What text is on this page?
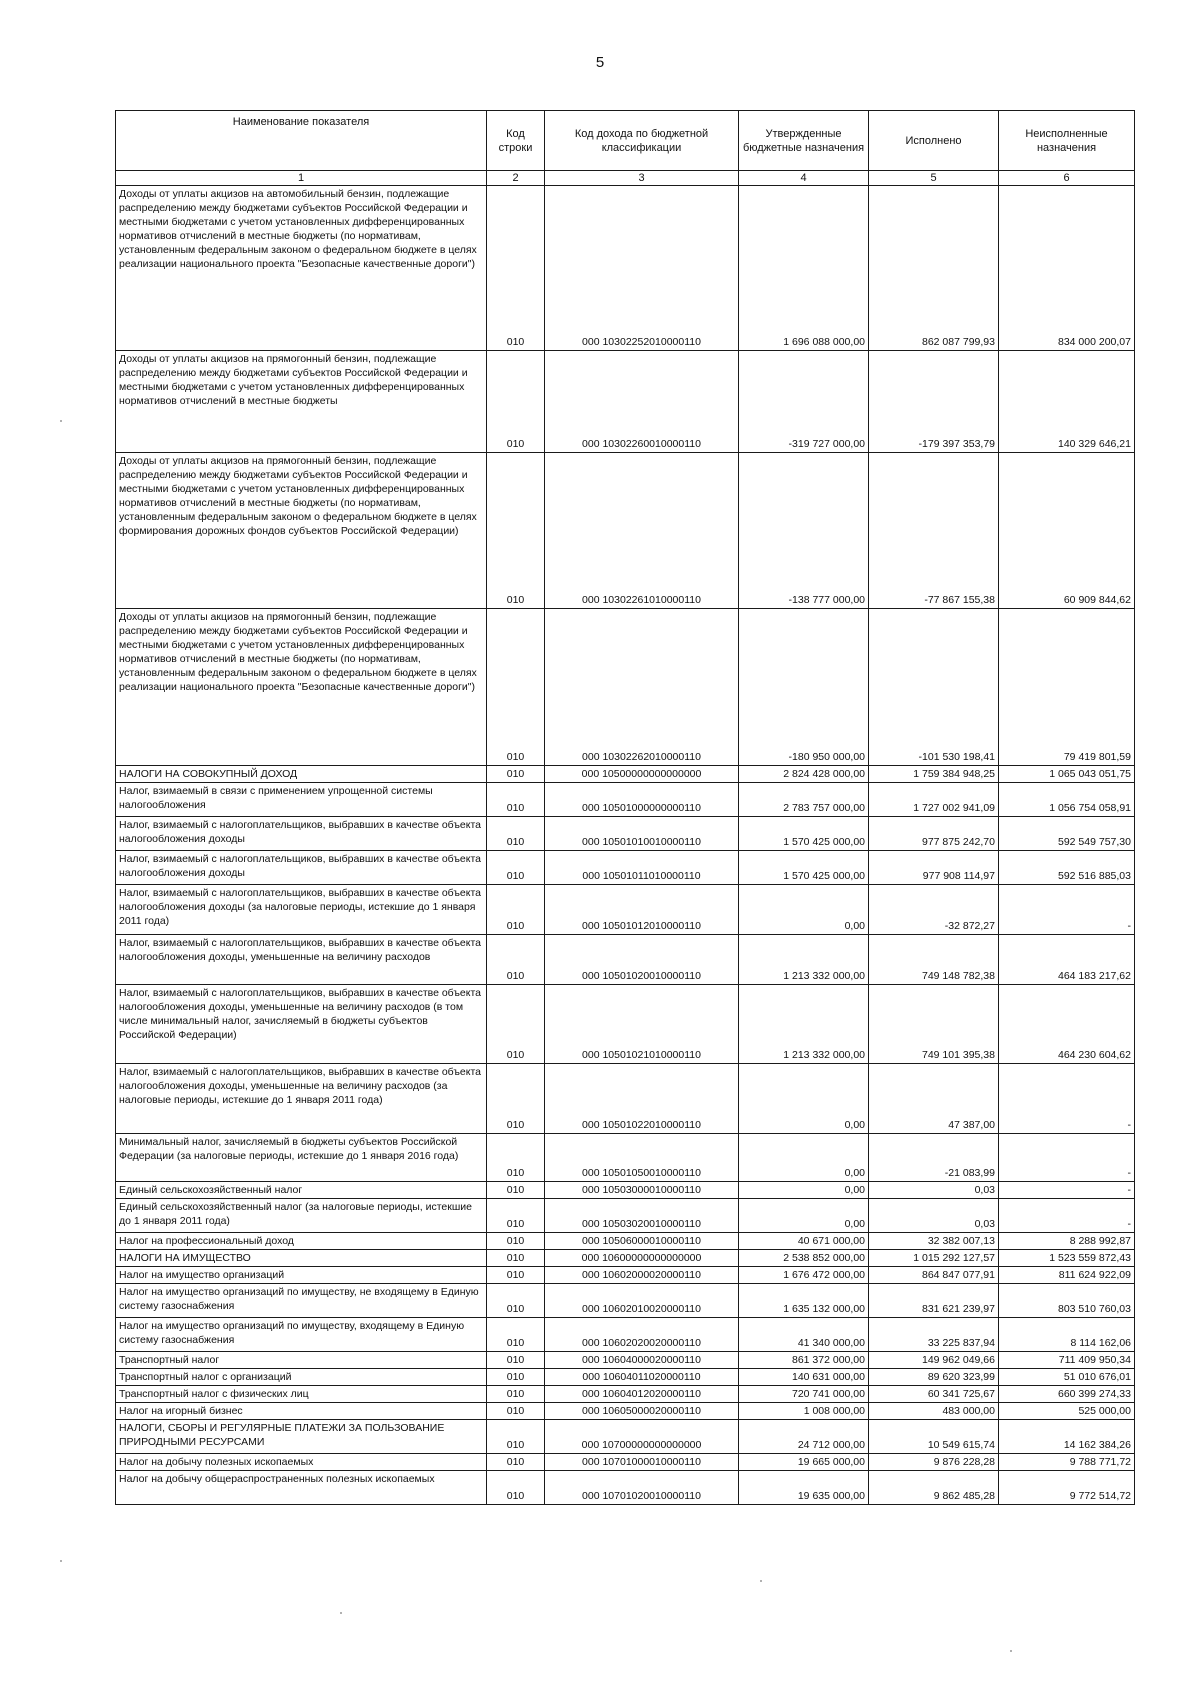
5
Наименование показателя	Код строки	Код дохода по бюджетной классификации	Утвержденные бюджетные назначения	Исполнено	Неисполненные назначения
1	2	3	4	5	6
Доходы от уплаты акцизов на автомобильный бензин, подлежащие распределению между бюджетами субъектов Российской Федерации и местными бюджетами с учетом установленных дифференцированных нормативов отчислений в местные бюджеты (по нормативам, установленным федеральным законом о федеральном бюджете в целях реализации национального проекта "Безопасные качественные дороги")	010	000 10302252010000110	1 696 088 000,00	862 087 799,93	834 000 200,07
Доходы от уплаты акцизов на прямогонный бензин, подлежащие распределению между бюджетами субъектов Российской Федерации и местными бюджетами с учетом установленных дифференцированных нормативов отчислений в местные бюджеты	010	000 10302260010000110	-319 727 000,00	-179 397 353,79	140 329 646,21
Доходы от уплаты акцизов на прямогонный бензин, подлежащие распределению между бюджетами субъектов Российской Федерации и местными бюджетами с учетом установленных дифференцированных нормативов отчислений в местные бюджеты (по нормативам, установленным федеральным законом о федеральном бюджете в целях формирования дорожных фондов субъектов Российской Федерации)	010	000 10302261010000110	-138 777 000,00	-77 867 155,38	60 909 844,62
Доходы от уплаты акцизов на прямогонный бензин, подлежащие распределению между бюджетами субъектов Российской Федерации и местными бюджетами с учетом установленных дифференцированных нормативов отчислений в местные бюджеты (по нормативам, установленным федеральным законом о федеральном бюджете в целях реализации национального проекта "Безопасные качественные дороги")	010	000 10302262010000110	-180 950 000,00	-101 530 198,41	79 419 801,59
НАЛОГИ НА СОВОКУПНЫЙ ДОХОД	010	000 10500000000000000	2 824 428 000,00	1 759 384 948,25	1 065 043 051,75
Налог, взимаемый в связи с применением упрощенной системы налогообложения	010	000 10501000000000110	2 783 757 000,00	1 727 002 941,09	1 056 754 058,91
Налог, взимаемый с налогоплательщиков, выбравших в качестве объекта налогообложения доходы	010	000 10501010010000110	1 570 425 000,00	977 875 242,70	592 549 757,30
Налог, взимаемый с налогоплательщиков, выбравших в качестве объекта налогообложения доходы	010	000 10501011010000110	1 570 425 000,00	977 908 114,97	592 516 885,03
Налог, взимаемый с налогоплательщиков, выбравших в качестве объекта налогообложения доходы (за налоговые периоды, истекшие до 1 января 2011 года)	010	000 10501012010000110	0,00	-32 872,27	-
Налог, взимаемый с налогоплательщиков, выбравших в качестве объекта налогообложения доходы, уменьшенные на величину расходов	010	000 10501020010000110	1 213 332 000,00	749 148 782,38	464 183 217,62
Налог, взимаемый с налогоплательщиков, выбравших в качестве объекта налогообложения доходы, уменьшенные на величину расходов (в том числе минимальный налог, зачисляемый в бюджеты субъектов Российской Федерации)	010	000 10501021010000110	1 213 332 000,00	749 101 395,38	464 230 604,62
Налог, взимаемый с налогоплательщиков, выбравших в качестве объекта налогообложения доходы, уменьшенные на величину расходов (за налоговые периоды, истекшие до 1 января 2011 года)	010	000 10501022010000110	0,00	47 387,00	-
Минимальный налог, зачисляемый в бюджеты субъектов Российской Федерации (за налоговые периоды, истекшие до 1 января 2016 года)	010	000 10501050010000110	0,00	-21 083,99	-
Единый сельскохозяйственный налог	010	000 10503000010000110	0,00	0,03	-
Единый сельскохозяйственный налог (за налоговые периоды, истекшие до 1 января 2011 года)	010	000 10503020010000110	0,00	0,03	-
Налог на профессиональный доход	010	000 10506000010000110	40 671 000,00	32 382 007,13	8 288 992,87
НАЛОГИ НА ИМУЩЕСТВО	010	000 10600000000000000	2 538 852 000,00	1 015 292 127,57	1 523 559 872,43
Налог на имущество организаций	010	000 10602000020000110	1 676 472 000,00	864 847 077,91	811 624 922,09
Налог на имущество организаций по имуществу, не входящему в Единую систему газоснабжения	010	000 10602010020000110	1 635 132 000,00	831 621 239,97	803 510 760,03
Налог на имущество организаций по имуществу, входящему в Единую систему газоснабжения	010	000 10602020020000110	41 340 000,00	33 225 837,94	8 114 162,06
Транспортный налог	010	000 10604000020000110	861 372 000,00	149 962 049,66	711 409 950,34
Транспортный налог с организаций	010	000 10604011020000110	140 631 000,00	89 620 323,99	51 010 676,01
Транспортный налог с физических лиц	010	000 10604012020000110	720 741 000,00	60 341 725,67	660 399 274,33
Налог на игорный бизнес	010	000 10605000020000110	1 008 000,00	483 000,00	525 000,00
НАЛОГИ, СБОРЫ И РЕГУЛЯРНЫЕ ПЛАТЕЖИ ЗА ПОЛЬЗОВАНИЕ ПРИРОДНЫМИ РЕСУРСАМИ	010	000 10700000000000000	24 712 000,00	10 549 615,74	14 162 384,26
Налог на добычу полезных ископаемых	010	000 10701000010000110	19 665 000,00	9 876 228,28	9 788 771,72
Налог на добычу общераспространенных полезных ископаемых	010	000 10701020010000110	19 635 000,00	9 862 485,28	9 772 514,72
